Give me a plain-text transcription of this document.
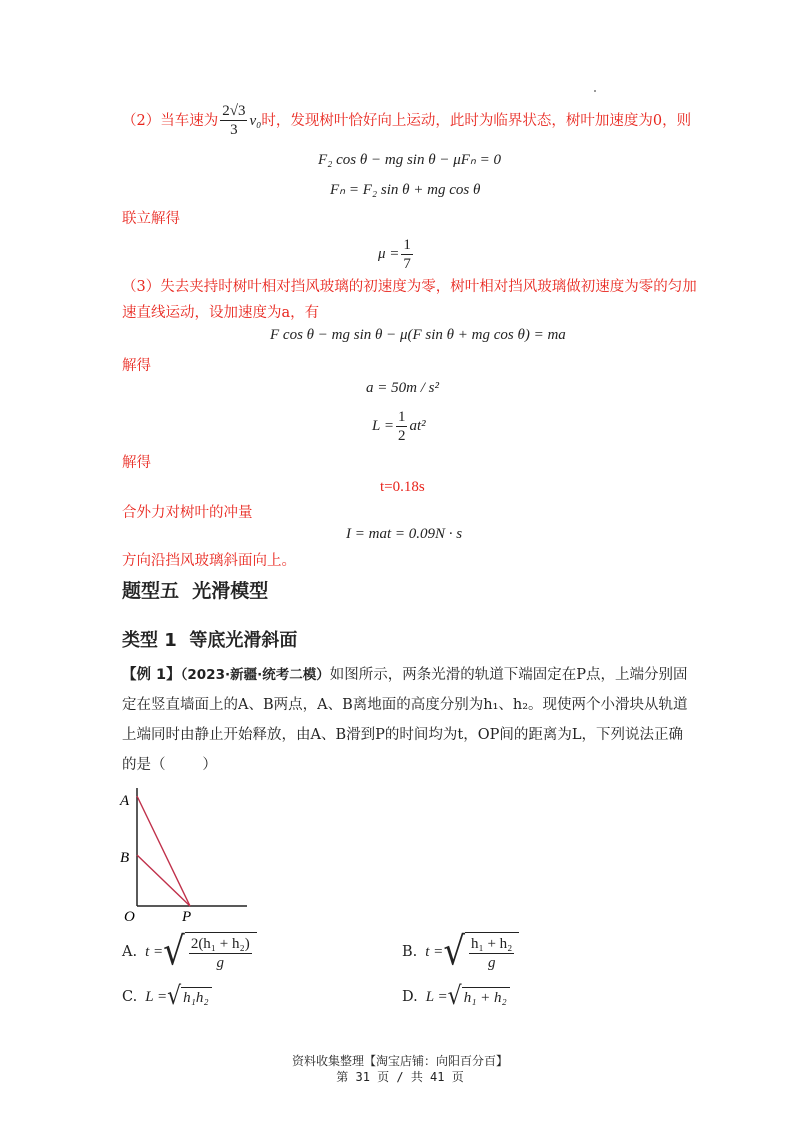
（2）当车速为 $\frac{2√3}{3} v_0$ 时，发现树叶恰好向上运动，此时为临界状态，树叶加速度为0，则
F₂ cos θ − mg sin θ − μFₙ = 0
Fₙ = F₂ sin θ + mg cos θ
联立解得
$\mu = \frac{1}{7}$
（3）失去夹持时树叶相对挡风玻璃的初速度为零，树叶相对挡风玻璃做初速度为零的匀加
速直线运动，设加速度为a，有
F cos θ − mg sin θ − μ(F sin θ + mg cos θ) = ma
解得
a = 50m / s²
$L = \frac{1}{2} at^2$
解得
t=0.18s
合外力对树叶的冲量
I = mat = 0.09N · s
方向沿挡风玻璃斜面向上。
题型五  光滑模型
类型 1  等底光滑斜面
【例 1】（2023·新疆·统考二模）如图所示，两条光滑的轨道下端固定在P点，上端分别固
定在竖直墙面上的A、B两点，A、B离地面的高度分别为h₁、h₂。现使两个小滑块从轨道
上端同时由静止开始释放，由A、B滑到P的时间均为t，OP间的距离为L，下列说法正确
的是（        ）
A
B
O	P
A. t = √ $\frac{\text{2(h₁ + h₂)}}{g}$	B. t = √ $\frac{\text{h₁ + h₂}}{g}$
C. L = √ h₁h₂	D. L = √ h₁ + h₂
资料收集整理【淘宝店铺：向阳百分百】
第 31 页 / 共 41 页
